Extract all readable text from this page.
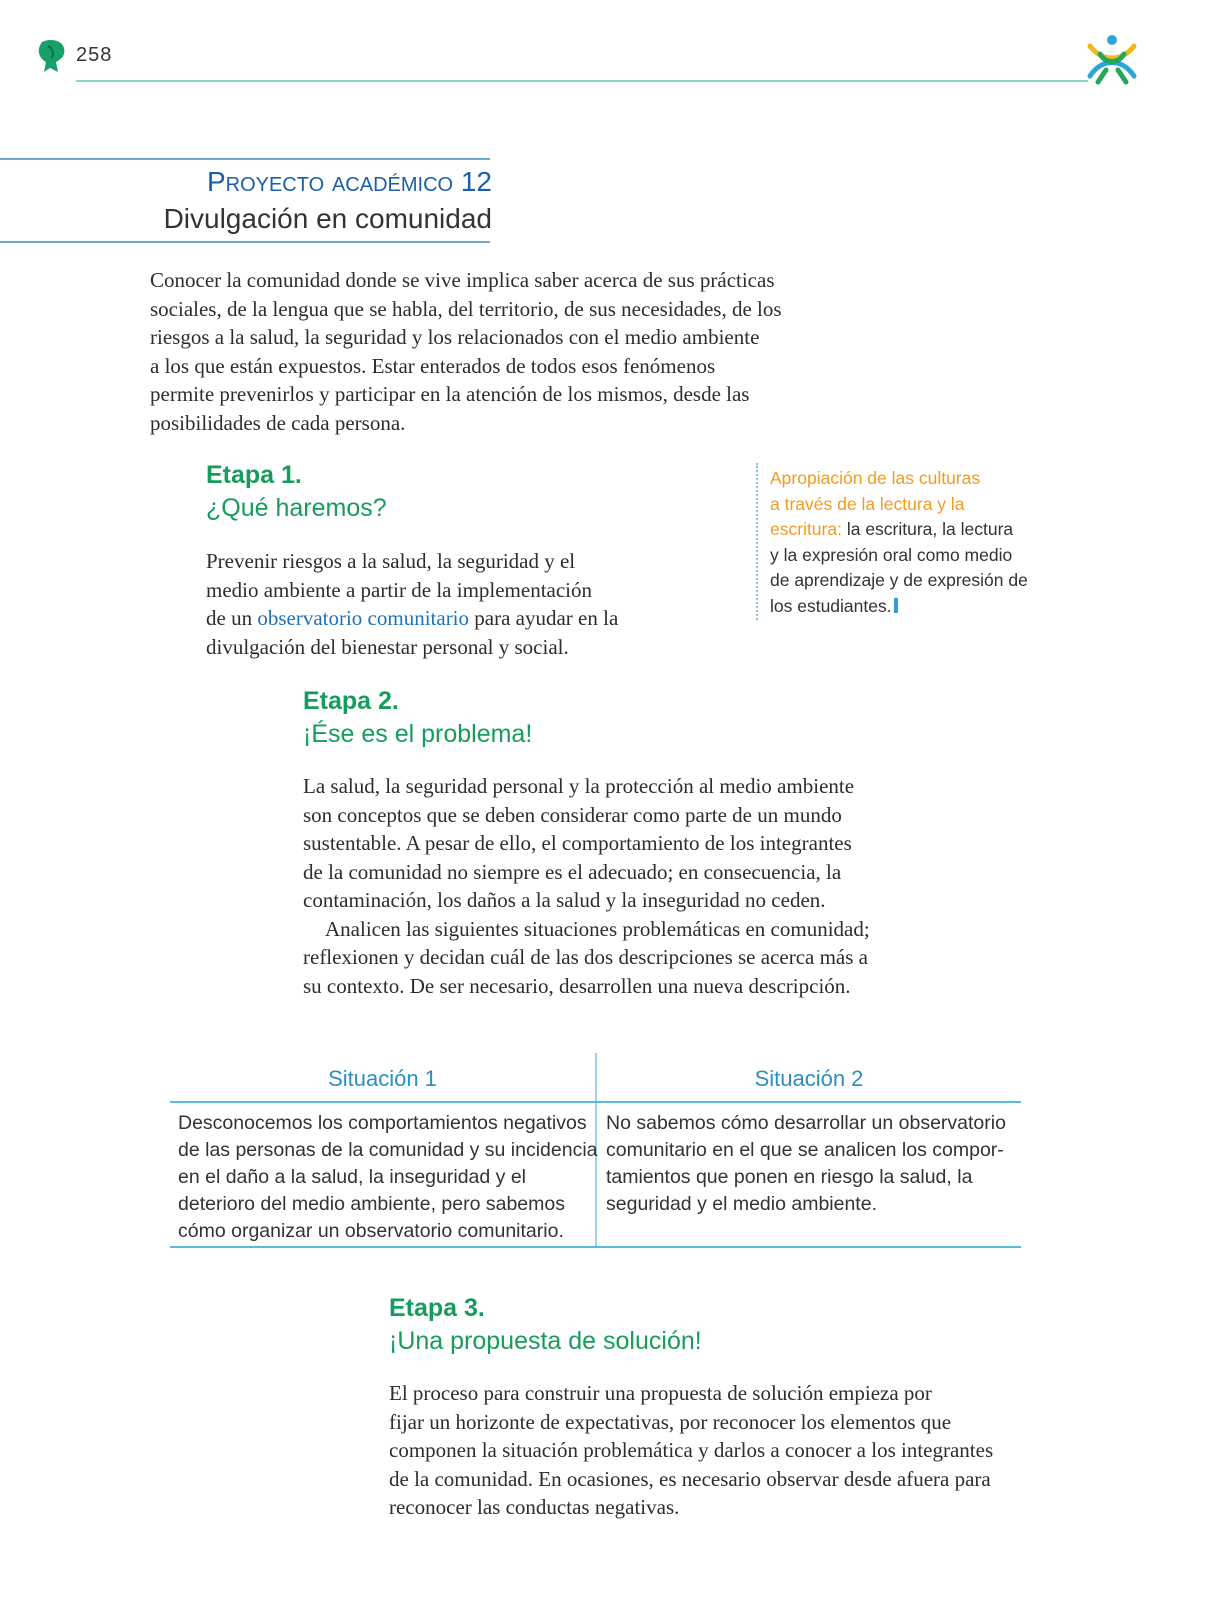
258
Proyecto académico 12
Divulgación en comunidad
Conocer la comunidad donde se vive implica saber acerca de sus prácticas
sociales, de la lengua que se habla, del territorio, de sus necesidades, de los
riesgos a la salud, la seguridad y los relacionados con el medio ambiente
a los que están expuestos. Estar enterados de todos esos fenómenos
permite prevenirlos y participar en la atención de los mismos, desde las
posibilidades de cada persona.
Etapa 1.
¿Qué haremos?
Prevenir riesgos a la salud, la seguridad y el
medio ambiente a partir de la implementación
de un observatorio comunitario para ayudar en la
divulgación del bienestar personal y social.
Apropiación de las culturas
a través de la lectura y la
escritura: la escritura, la lectura
y la expresión oral como medio
de aprendizaje y de expresión de
los estudiantes.
Etapa 2.
¡Ése es el problema!
La salud, la seguridad personal y la protección al medio ambiente
son conceptos que se deben considerar como parte de un mundo
sustentable. A pesar de ello, el comportamiento de los integrantes
de la comunidad no siempre es el adecuado; en consecuencia, la
contaminación, los daños a la salud y la inseguridad no ceden.
Analicen las siguientes situaciones problemáticas en comunidad;
reflexionen y decidan cuál de las dos descripciones se acerca más a
su contexto. De ser necesario, desarrollen una nueva descripción.
Situación 1	Situación 2
Desconocemos los comportamientos negativos
de las personas de la comunidad y su incidencia
en el daño a la salud, la inseguridad y el
deterioro del medio ambiente, pero sabemos
cómo organizar un observatorio comunitario.
No sabemos cómo desarrollar un observatorio
comunitario en el que se analicen los compor-
tamientos que ponen en riesgo la salud, la
seguridad y el medio ambiente.
Etapa 3.
¡Una propuesta de solución!
El proceso para construir una propuesta de solución empieza por
fijar un horizonte de expectativas, por reconocer los elementos que
componen la situación problemática y darlos a conocer a los integrantes
de la comunidad. En ocasiones, es necesario observar desde afuera para
reconocer las conductas negativas.
